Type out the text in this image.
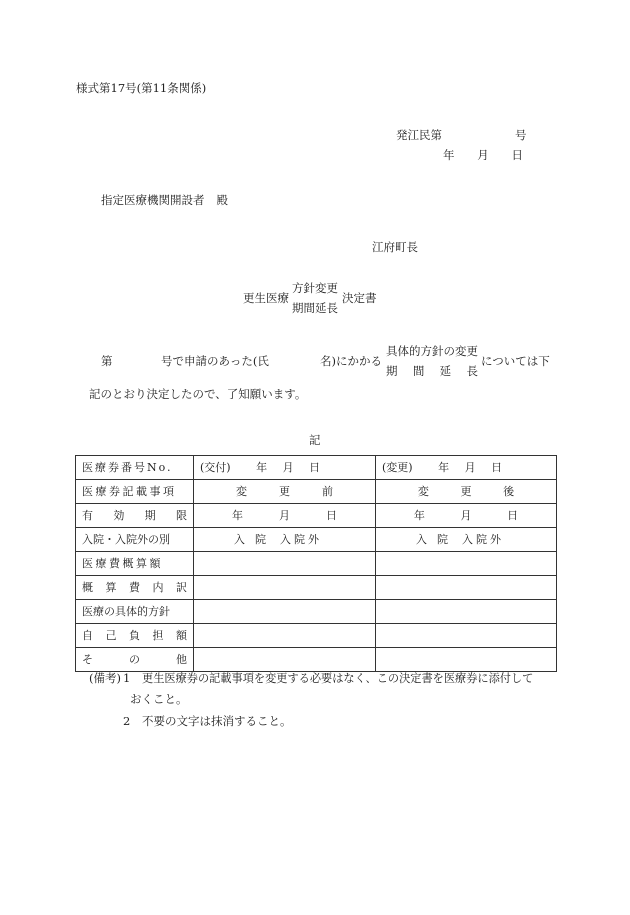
様式第17号(第11条関係)
発江民第	号
年 月 日
指定医療機関開設者 殿
江府町長
更生医療
方針変更
期間延長
決定書
第	号で申請のあった(氏	名)にかかる
具体的方針の変更
期 間 延 長
については下
記のとおり決定したので、了知願います。
記
医療券番号No.	(交付) 年 月 日	(変更) 年 月 日
医療券記載事項	変 更 前	変 更 後

有 効 期 限	年 月 日	年 月 日

入院・入院外の別	入 院 入院外	入 院 入院外
医療費概算額		

概 算 費 内 訳		

医療の具体的方針		

自 己 負 担 額		

そ の 他		

(備考) 1 更生医療券の記載事項を変更する必要はなく、この決定書を医療券に添付して
おくこと。
2 不要の文字は抹消すること。
